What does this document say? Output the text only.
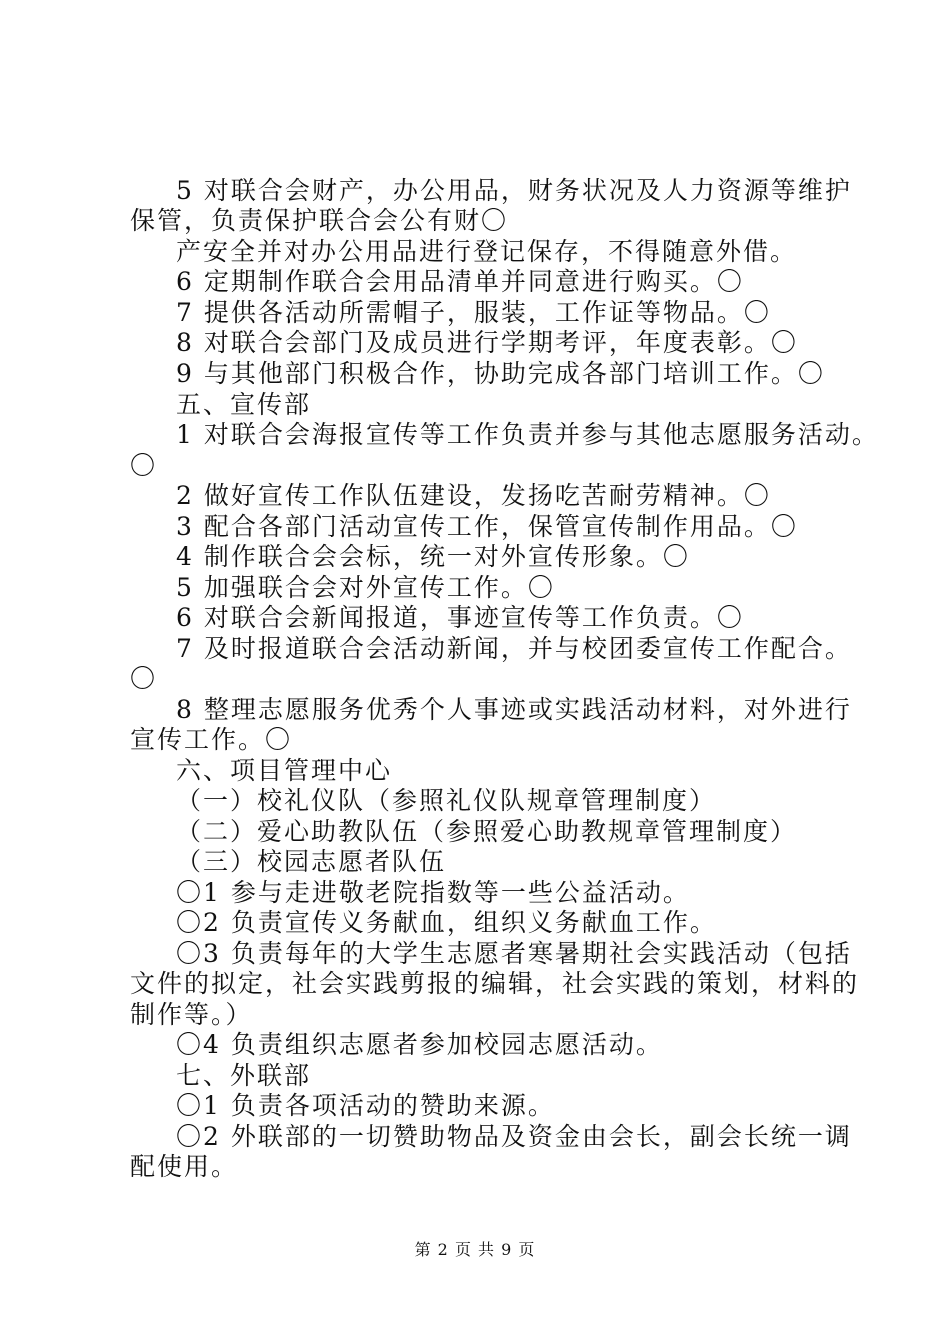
5 对联合会财产，办公用品，财务状况及人力资源等维护
保管，负责保护联合会公有财〇
产安全并对办公用品进行登记保存，不得随意外借。
6 定期制作联合会用品清单并同意进行购买。〇
7 提供各活动所需帽子，服装，工作证等物品。〇
8 对联合会部门及成员进行学期考评，年度表彰。〇
9 与其他部门积极合作，协助完成各部门培训工作。〇
五、宣传部
1 对联合会海报宣传等工作负责并参与其他志愿服务活动。
〇
2 做好宣传工作队伍建设，发扬吃苦耐劳精神。〇
3 配合各部门活动宣传工作，保管宣传制作用品。〇
4 制作联合会会标，统一对外宣传形象。〇
5 加强联合会对外宣传工作。〇
6 对联合会新闻报道，事迹宣传等工作负责。〇
7 及时报道联合会活动新闻，并与校团委宣传工作配合。
〇
8 整理志愿服务优秀个人事迹或实践活动材料，对外进行
宣传工作。〇
六、项目管理中心
（一）校礼仪队（参照礼仪队规章管理制度）
（二）爱心助教队伍（参照爱心助教规章管理制度）
（三）校园志愿者队伍
〇1 参与走进敬老院指数等一些公益活动。
〇2 负责宣传义务献血，组织义务献血工作。
〇3 负责每年的大学生志愿者寒暑期社会实践活动（包括
文件的拟定，社会实践剪报的编辑，社会实践的策划，材料的
制作等。）
〇4 负责组织志愿者参加校园志愿活动。
七、外联部
〇1 负责各项活动的赞助来源。
〇2 外联部的一切赞助物品及资金由会长，副会长统一调
配使用。
第 2 页 共 9 页
